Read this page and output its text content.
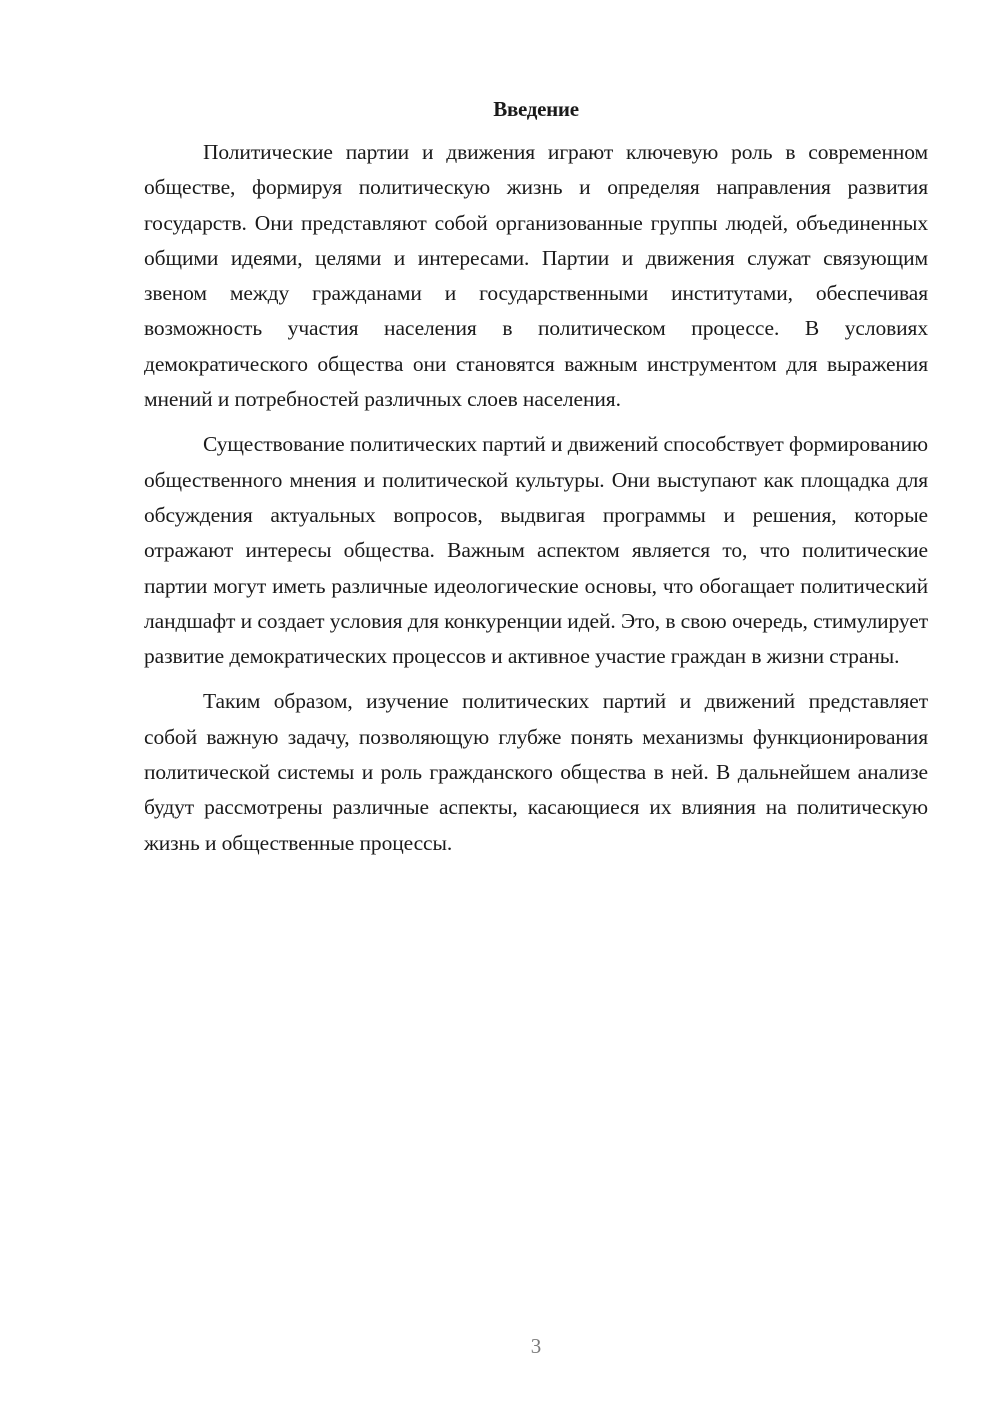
Введение

Политические партии и движения играют ключевую роль в современном обществе, формируя политическую жизнь и определяя направления развития государств. Они представляют собой организованные группы людей, объединенных общими идеями, целями и интересами. Партии и движения служат связующим звеном между гражданами и государственными институтами, обеспечивая возможность участия населения в политическом процессе. В условиях демократического общества они становятся важным инструментом для выражения мнений и потребностей различных слоев населения.

Существование политических партий и движений способствует формированию общественного мнения и политической культуры. Они выступают как площадка для обсуждения актуальных вопросов, выдвигая программы и решения, которые отражают интересы общества. Важным аспектом является то, что политические партии могут иметь различные идеологические основы, что обогащает политический ландшафт и создает условия для конкуренции идей. Это, в свою очередь, стимулирует развитие демократических процессов и активное участие граждан в жизни страны.

Таким образом, изучение политических партий и движений представляет собой важную задачу, позволяющую глубже понять механизмы функционирования политической системы и роль гражданского общества в ней. В дальнейшем анализе будут рассмотрены различные аспекты, касающиеся их влияния на политическую жизнь и общественные процессы.

3
